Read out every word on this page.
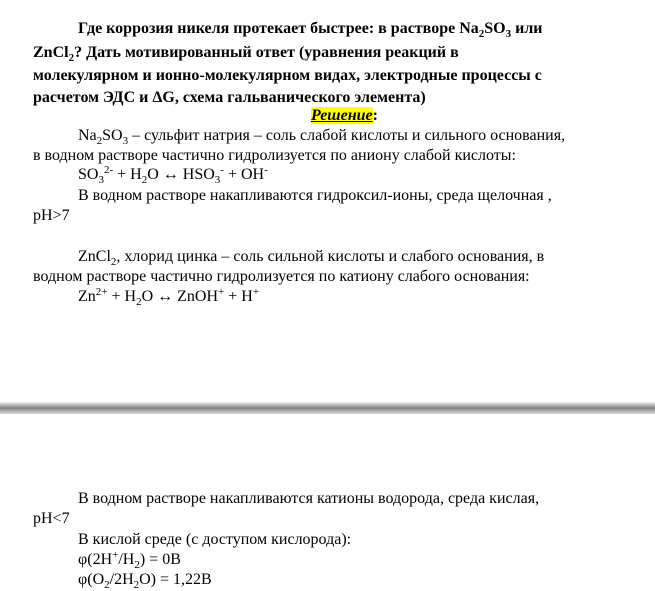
Где коррозия никеля протекает быстрее: в растворе $Na_2SO_3$ или
ZnCl$_2$? Дать мотивированный ответ (уравнения реакций в
молекулярном и ионно-молекулярном видах, электродные процессы с
расчетом ЭДС и ΔG, схема гальванического элемента)
Решение:
$Na_2SO_3$ – сульфит натрия – соль слабой кислоты и сильного основания,
в водном растворе частично гидролизуется по аниону слабой кислоты:
$SO_3^{2-} + H_2O$ ↔ $HSO_3^- + OH^-$
В водном растворе накапливаются гидроксил-ионы, среда щелочная ,
pH>7
ZnCl$_2$, хлорид цинка – соль сильной кислоты и слабого основания, в
водном растворе частично гидролизуется по катиону слабого основания:
$Zn^{2+} + H_2O$ ↔ ZnOH+ + H+
В водном растворе накапливаются катионы водорода, среда кислая,
pH<7
В кислой среде (с доступом кислорода):
$\varphi(2H^+/H_2) = 0В$
$\varphi(O_2/2H_2O) = 1,22В$
